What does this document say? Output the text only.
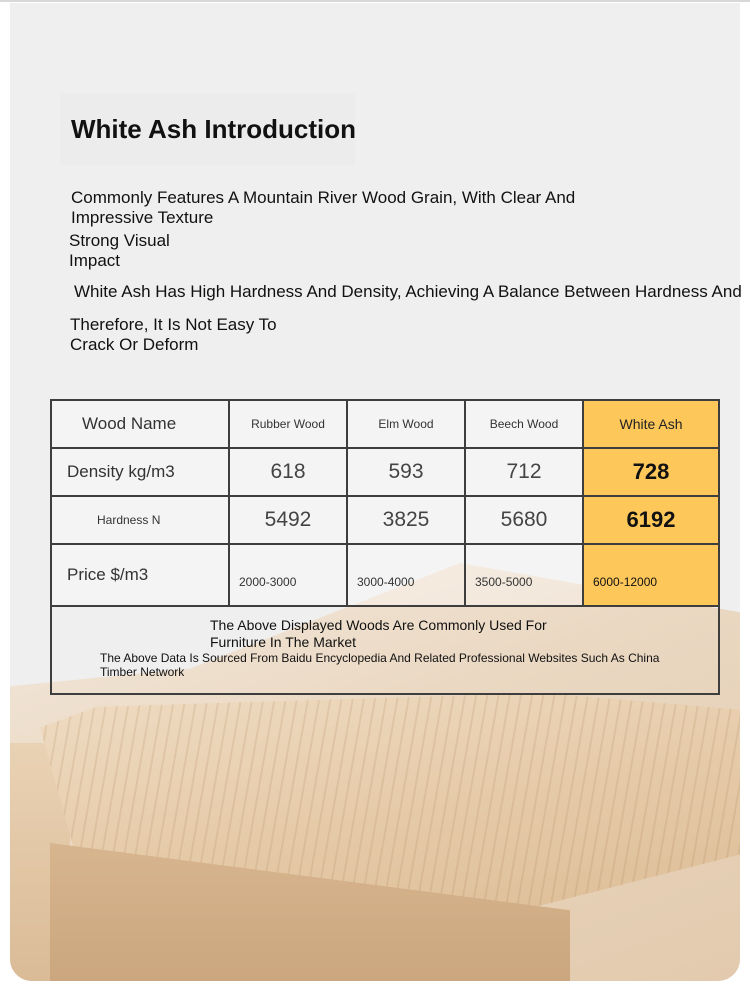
White Ash Introduction

Commonly Features A Mountain River Wood Grain, With Clear And Impressive Texture

Strong Visual Impact

White Ash Has High Hardness And Density, Achieving A Balance Between Hardness And

Therefore, It Is Not Easy To Crack Or Deform

Wood Name	Rubber Wood	Elm Wood	Beech Wood	White Ash
Density kg/m3	618	593	712	728
Hardness N	5492	3825	5680	6192
Price $/m3	2000-3000	3000-4000	3500-5000	6000-12000

The Above Displayed Woods Are Commonly Used For Furniture In The Market
The Above Data Is Sourced From Baidu Encyclopedia And Related Professional Websites Such As China Timber Network				
